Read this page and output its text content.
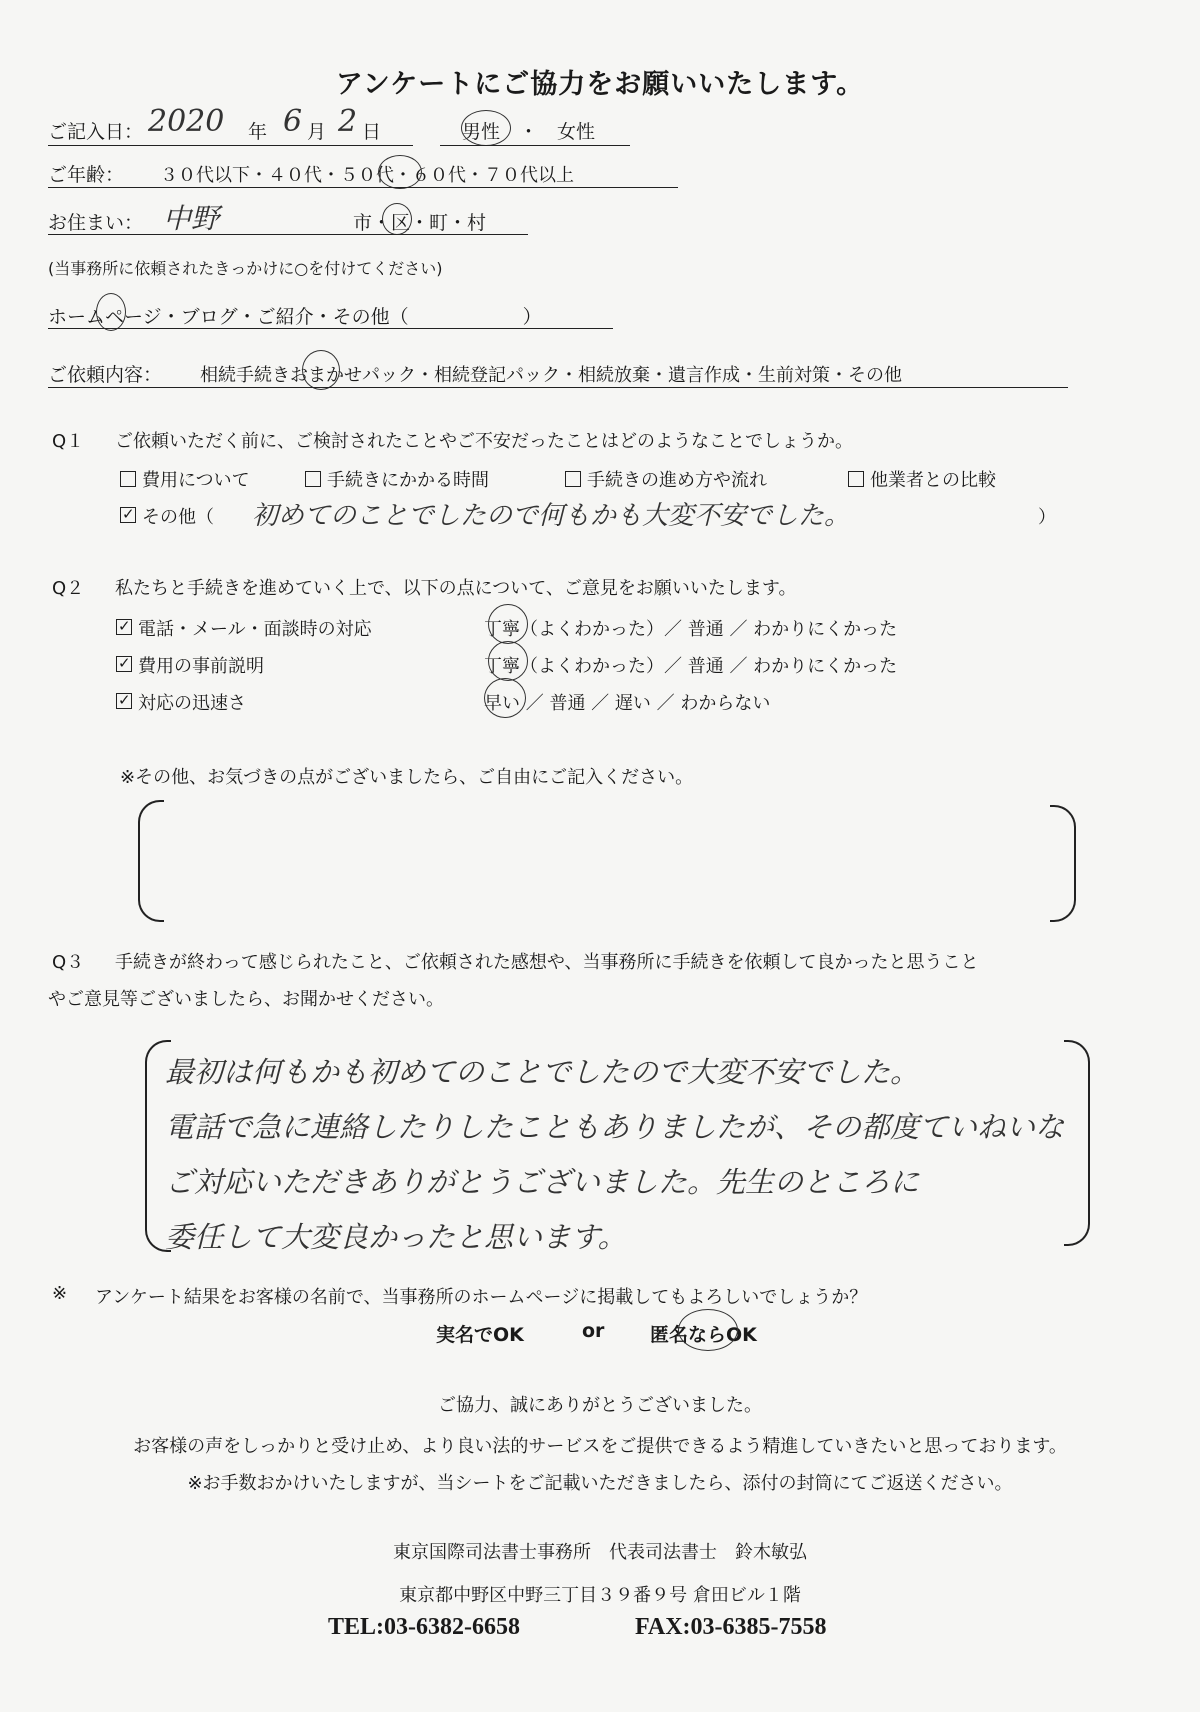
アンケートにご協力をお願いいたします。
ご記入日： 2020 年 6 月 2 日	男性　・　女性
ご年齢： ３０代以下・４０代・５０代・６０代・７０代以上
お住まい： 中野	市・区・町・村
(当事務所に依頼されたきっかけに○を付けてください)
ホームページ・ブログ・ご紹介・その他（　　　　　　）
ご依頼内容： 相続手続きおまかせパック・相続登記パック・相続放棄・遺言作成・生前対策・その他
Q１ ご依頼いただく前に、ご検討されたことやご不安だったことはどのようなことでしょうか。
費用について	手続きにかかる時間	手続きの進め方や流れ	他業者との比較
✓その他（ 初めてのことでしたので何もかも大変不安でした。	）
Q２ 私たちと手続きを進めていく上で、以下の点について、ご意見をお願いいたします。
✓電話・メール・面談時の対応	丁寧（よくわかった）／ 普通 ／ わかりにくかった
✓費用の事前説明	丁寧（よくわかった）／ 普通 ／ わかりにくかった
✓対応の迅速さ	早い ／ 普通 ／ 遅い ／ わからない
※その他、お気づきの点がございましたら、ご自由にご記入ください。
Q３ 手続きが終わって感じられたこと、ご依頼された感想や、当事務所に手続きを依頼して良かったと思うこと
やご意見等ございましたら、お聞かせください。
最初は何もかも初めてのことでしたので大変不安でした。
電話で急に連絡したりしたこともありましたが、その都度ていねいな
ご対応いただきありがとうございました。先生のところに
委任して大変良かったと思います。
※ アンケート結果をお客様の名前で、当事務所のホームページに掲載してもよろしいでしょうか？
実名でOK	or 匿名ならOK
ご協力、誠にありがとうございました。
お客様の声をしっかりと受け止め、より良い法的サービスをご提供できるよう精進していきたいと思っております。
※お手数おかけいたしますが、当シートをご記載いただきましたら、添付の封筒にてご返送ください。
東京国際司法書士事務所　代表司法書士　鈴木敏弘
東京都中野区中野三丁目３９番９号 倉田ビル１階
TEL:03-6382-6658	FAX:03-6385-7558
